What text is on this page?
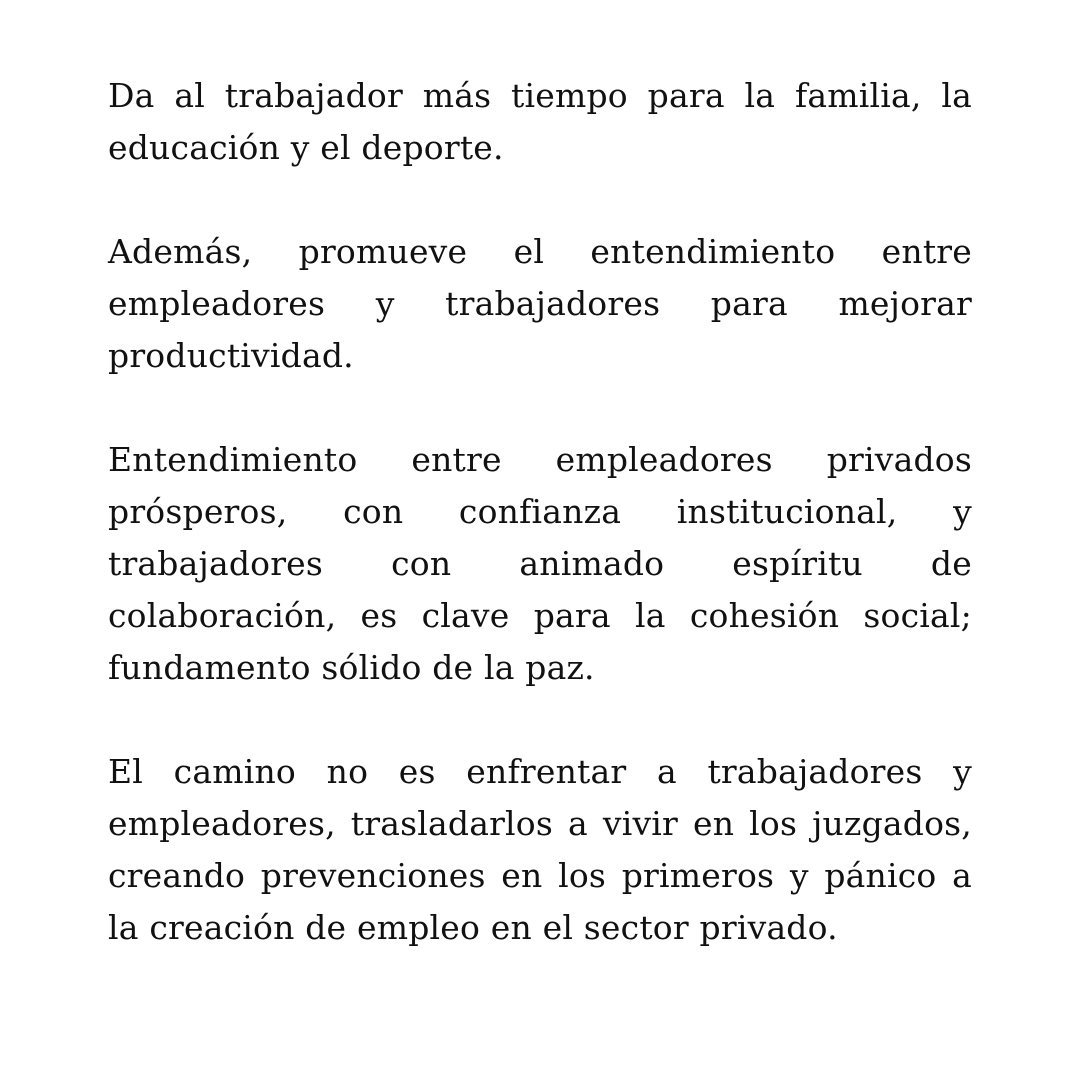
Da al trabajador más tiempo para la familia, la educación y el deporte.

Además, promueve el entendimiento entre empleadores y trabajadores para mejorar productividad.

Entendimiento entre empleadores privados prósperos, con confianza institucional, y trabajadores con animado espíritu de colaboración, es clave para la cohesión social; fundamento sólido de la paz.

El camino no es enfrentar a trabajadores y empleadores, trasladarlos a vivir en los juzgados, creando prevenciones en los primeros y pánico a la creación de empleo en el sector privado.
